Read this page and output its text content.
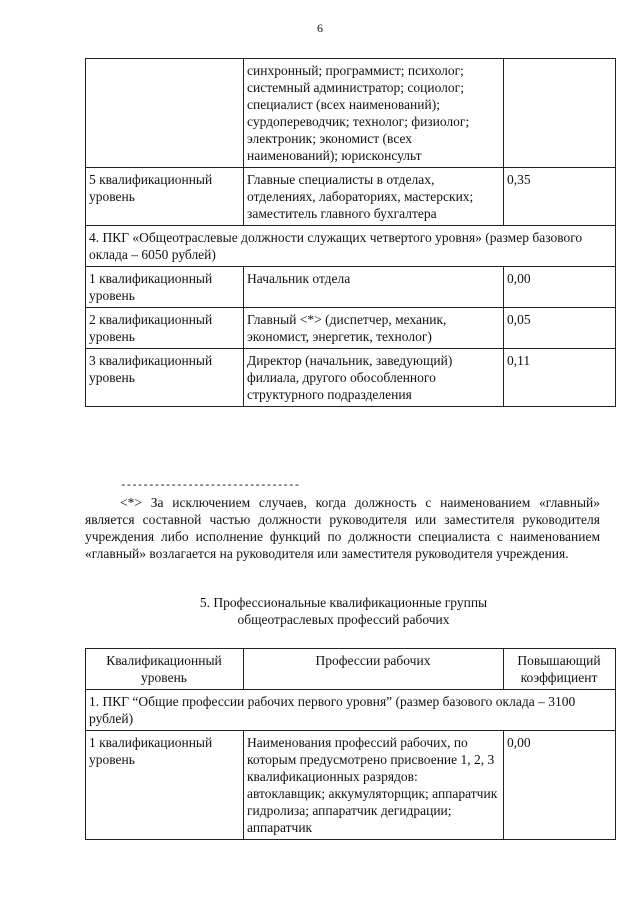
6
	синхронный; программист; психолог; системный администратор; социолог; специалист (всех наименований); сурдопереводчик; технолог; физиолог; электроник; экономист (всех наименований); юрисконсульт	
5 квалификационный уровень	Главные специалисты в отделах, отделениях, лабораториях, мастерских; заместитель главного бухгалтера	0,35
4. ПКГ «Общеотраслевые должности служащих четвертого уровня» (размер базового оклада – 6050 рублей)		
1 квалификационный уровень	Начальник отдела	0,00
2 квалификационный уровень	Главный <*> (диспетчер, механик, экономист, энергетик, технолог)	0,05
3 квалификационный уровень	Директор (начальник, заведующий) филиала, другого обособленного структурного подразделения	0,11
--------------------------------
<*> За исключением случаев, когда должность с наименованием «главный» является составной частью должности руководителя или заместителя руководителя учреждения либо исполнение функций по должности специалиста с наименованием «главный» возлагается на руководителя или заместителя руководителя учреждения.
5. Профессиональные квалификационные группы
общеотраслевых профессий рабочих
Квалификационный уровень	Профессии рабочих	Повышающий коэффициент
1. ПКГ “Общие профессии рабочих первого уровня” (размер базового оклада – 3100 рублей)		
1 квалификационный уровень	Наименования профессий рабочих, по которым предусмотрено присвоение 1, 2, 3 квалификационных разрядов: автоклавщик; аккумуляторщик; аппаратчик гидролиза; аппаратчик дегидрации; аппаратчик	0,00
